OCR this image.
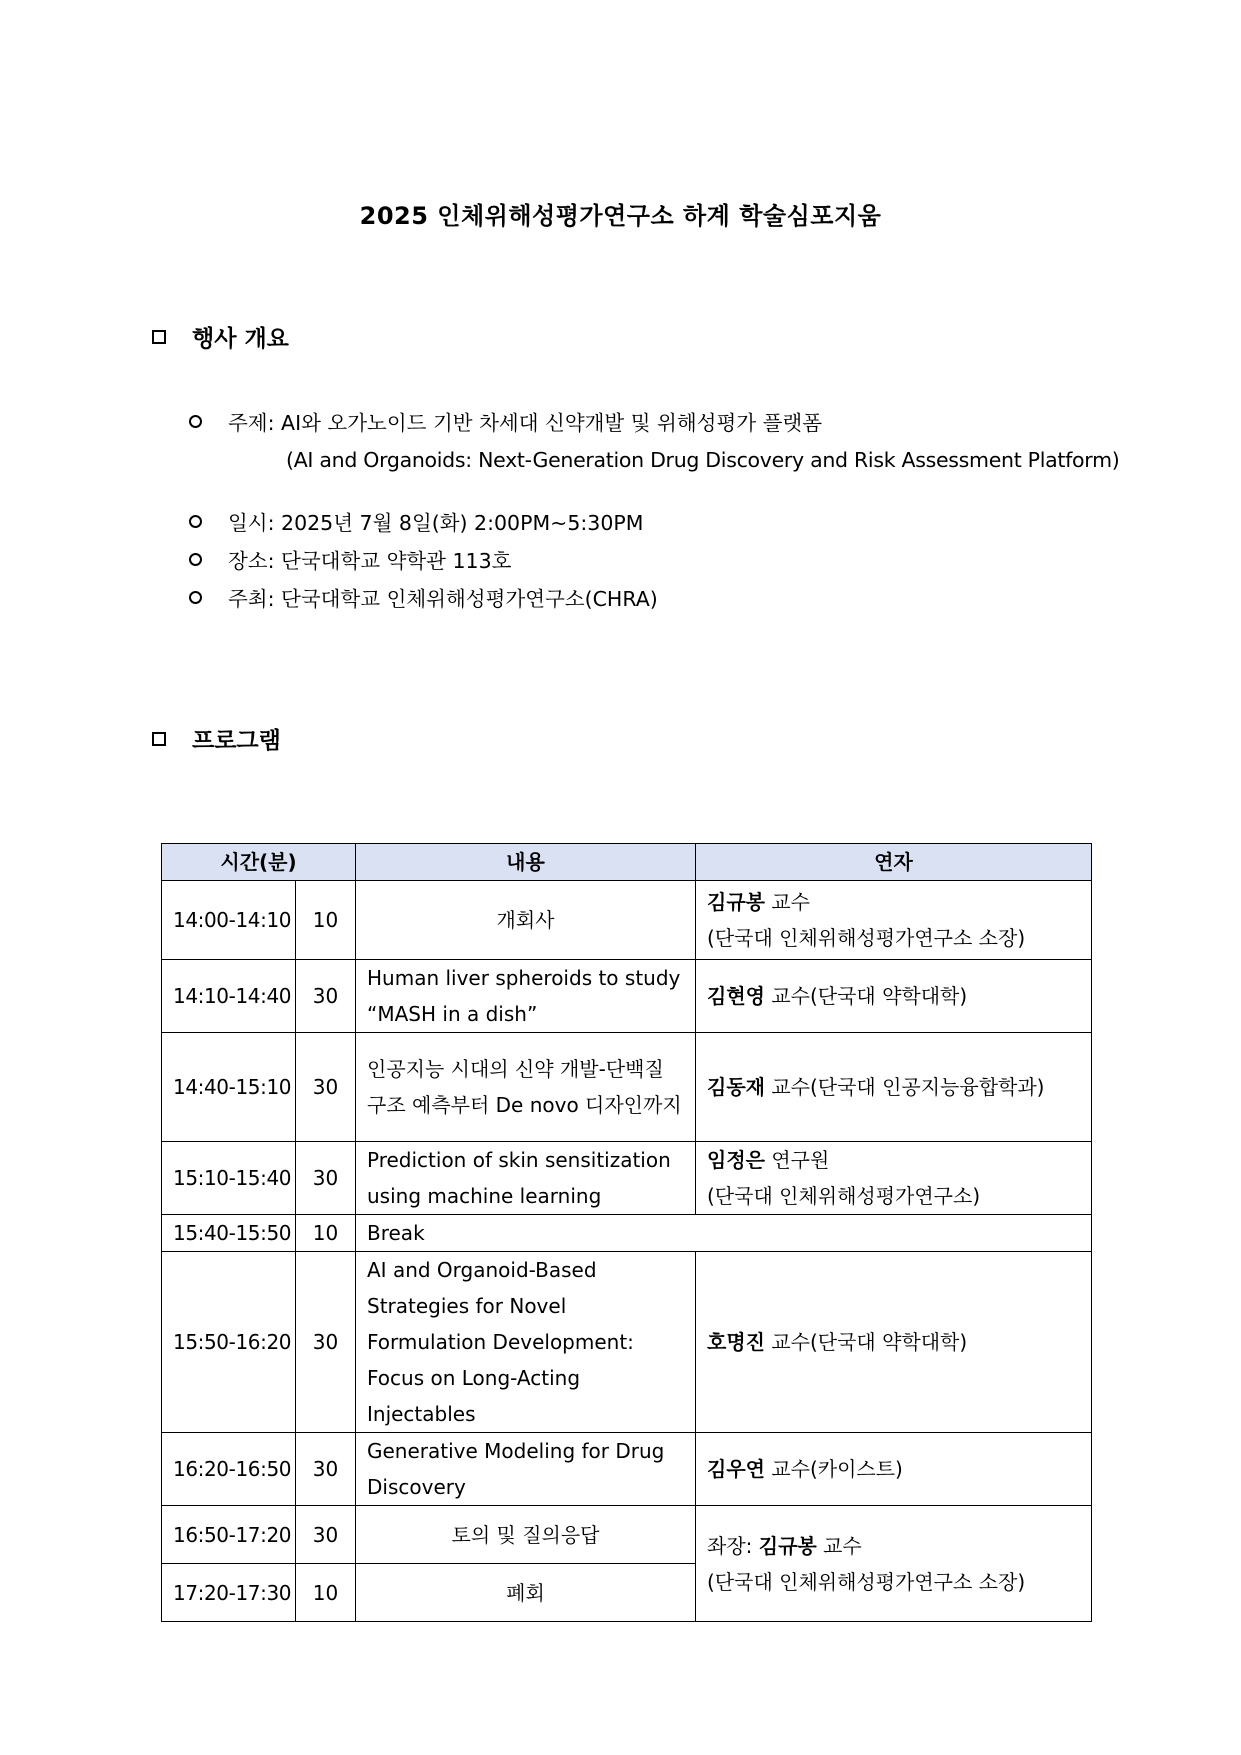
2025 인체위해성평가연구소 하계 학술심포지움
행사 개요
주제:
AI와 오가노이드 기반 차세대 신약개발 및 위해성평가 플랫폼
(AI and Organoids: Next-Generation Drug Discovery and Risk Assessment Platform)
일시:
2025년 7월 8일(화) 2:00PM~5:30PM
장소:
단국대학교 약학관 113호
주최:
단국대학교 인체위해성평가연구소(CHRA)
프로그램
시간(분)		내용	연자
14:00-14:10	10	개회사	김규봉 교수
(단국대 인체위해성평가연구소 소장)
14:10-14:40	30	Human liver spheroids to study “MASH in a dish”	김현영 교수(단국대 약학대학)
14:40-15:10	30	인공지능 시대의 신약 개발-단백질 구조 예측부터 De novo 디자인까지	김동재 교수(단국대 인공지능융합학과)
15:10-15:40	30	Prediction of skin sensitization using machine learning	임정은 연구원
(단국대 인체위해성평가연구소)
15:40-15:50	10	Break	
15:50-16:20	30	AI and Organoid-Based Strategies for Novel Formulation Development: Focus on Long-Acting Injectables	호명진 교수(단국대 약학대학)
16:20-16:50	30	Generative Modeling for Drug Discovery	김우연 교수(카이스트)
16:50-17:20	30	토의 및 질의응답	좌장: 김규봉 교수
(단국대 인체위해성평가연구소 소장)
17:20-17:30	10	폐회	
